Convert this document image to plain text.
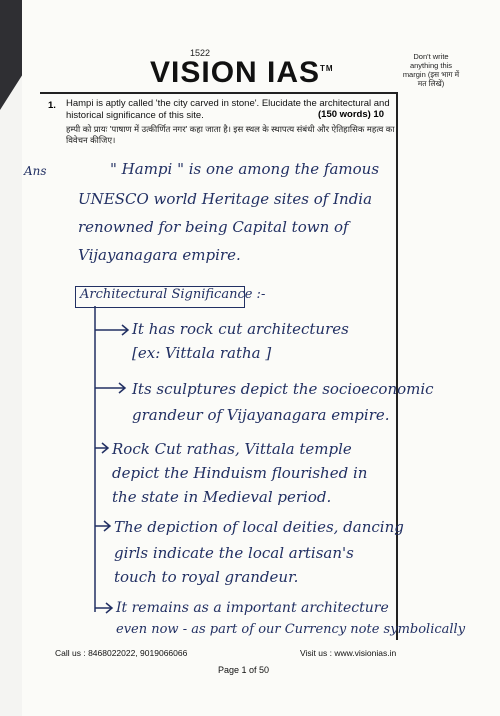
1522
VISION IAS™
Don't write anything this margin (इस भाग में मत लिखें)
1. Hampi is aptly called 'the city carved in stone'. Elucidate the architectural and historical significance of this site.	(150 words) 10
हम्पी को प्रायः 'पाषाण में उत्कीर्णित नगर' कहा जाता है। इस स्थल के स्थापत्य संबंधी और ऐतिहासिक महत्व का विवेचन कीजिए।
Ans	" Hampi " is one among the famous
UNESCO world Heritage sites of India
renowned for being Capital town of
Vijayanagara empire.
Architectural Significance :-
It has rock cut architectures
[ex: Vittala ratha ]
Its sculptures depict the socioeconomic
grandeur of Vijayanagara empire.
Rock Cut rathas, Vittala temple
depict the Hinduism flourished in
the state in Medieval period.
The depiction of local deities, dancing
girls indicate the local artisan's
touch to royal grandeur.
It remains as a important architecture
even now - as part of our Currency note symbolically
Call us : 8468022022, 9019066066	Visit us : www.visionias.in
Page 1 of 50
